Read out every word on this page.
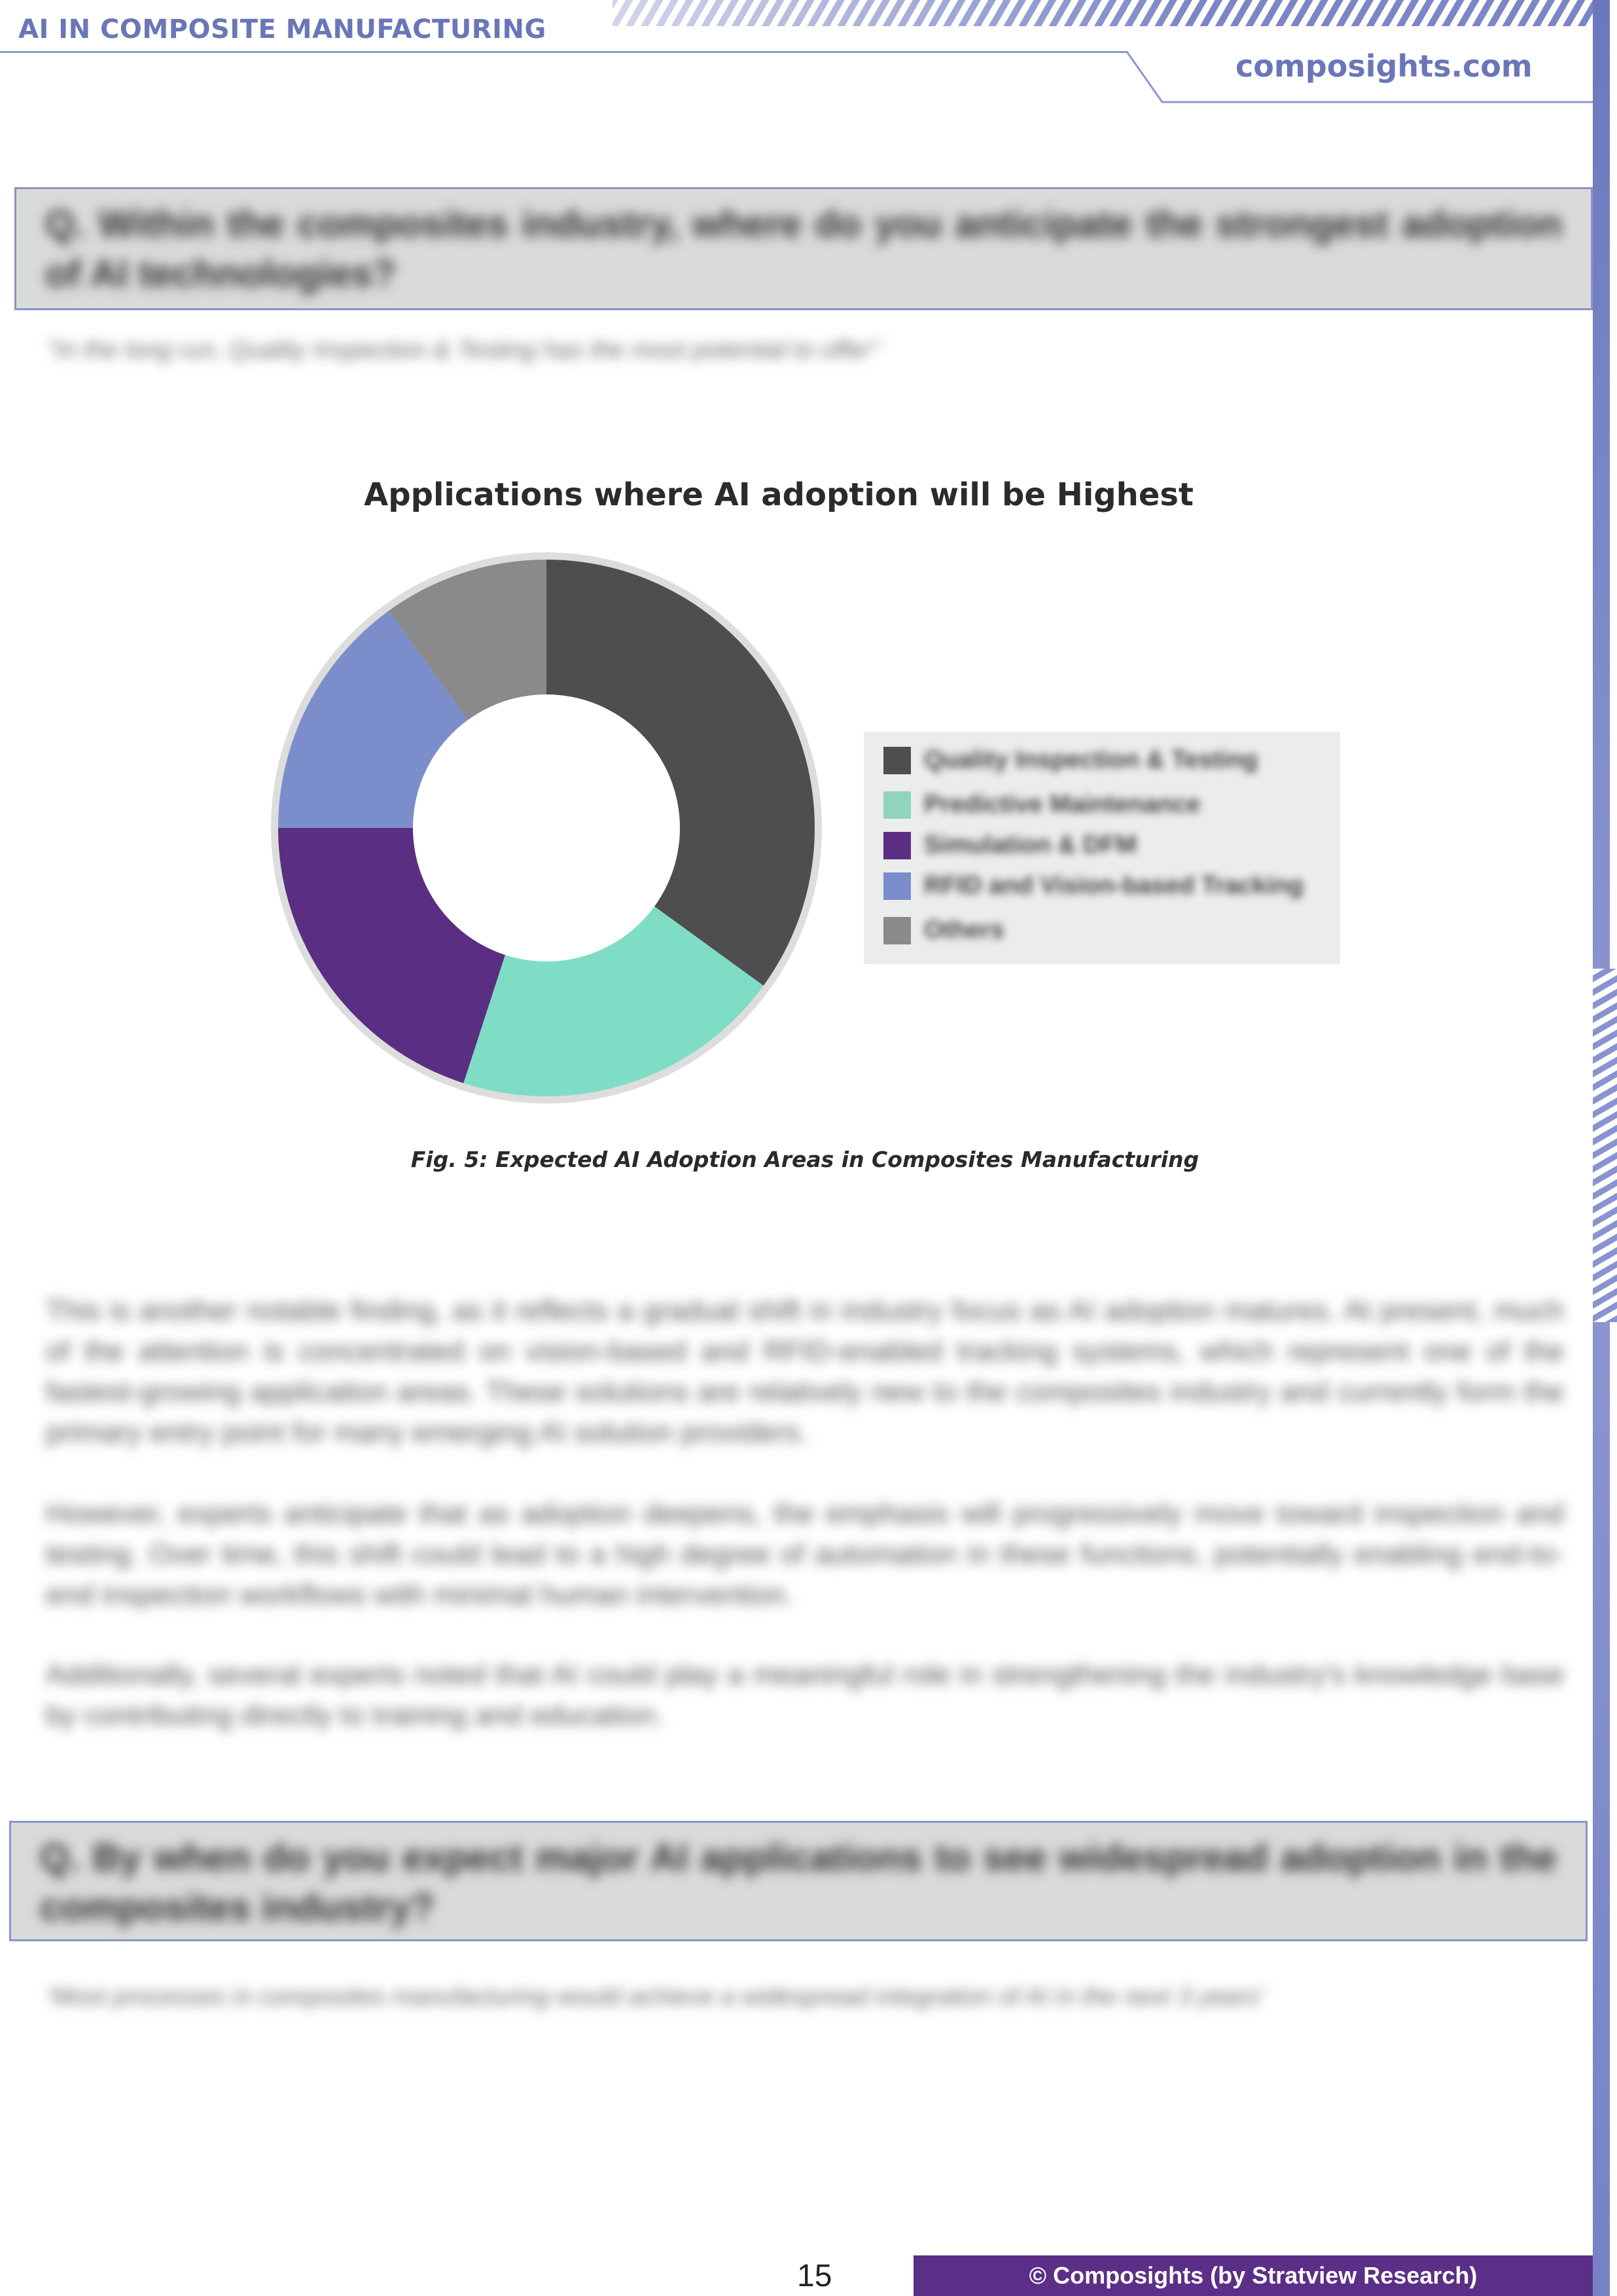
AI IN COMPOSITE MANUFACTURING
composights.com
Q. Within the composites industry, where do you anticipate the strongest adoption of AI technologies?
"In the long run, Quality Inspection & Testing has the most potential to offer"
Applications where AI adoption will be Highest
Quality Inspection & Testing
Predictive Maintenance
Simulation & DFM
RFID and Vision-based Tracking
Others
Fig. 5: Expected AI Adoption Areas in Composites Manufacturing
This is another notable finding, as it reflects a gradual shift in industry focus as AI adoption matures. At present, much of the attention is concentrated on vision-based and RFID-enabled tracking systems, which represent one of the fastest-growing application areas. These solutions are relatively new to the composites industry and currently form the primary entry point for many emerging AI solution providers.
However, experts anticipate that as adoption deepens, the emphasis will progressively move toward inspection and testing. Over time, this shift could lead to a high degree of automation in these functions, potentially enabling end-to-end inspection workflows with minimal human intervention.
Additionally, several experts noted that AI could play a meaningful role in strengthening the industry's knowledge base by contributing directly to training and education.
Q. By when do you expect major AI applications to see widespread adoption in the composites industry?
'Most processes in composites manufacturing would achieve a widespread integration of AI in the next 3 years'
15	© Composights (by Stratview Research)
